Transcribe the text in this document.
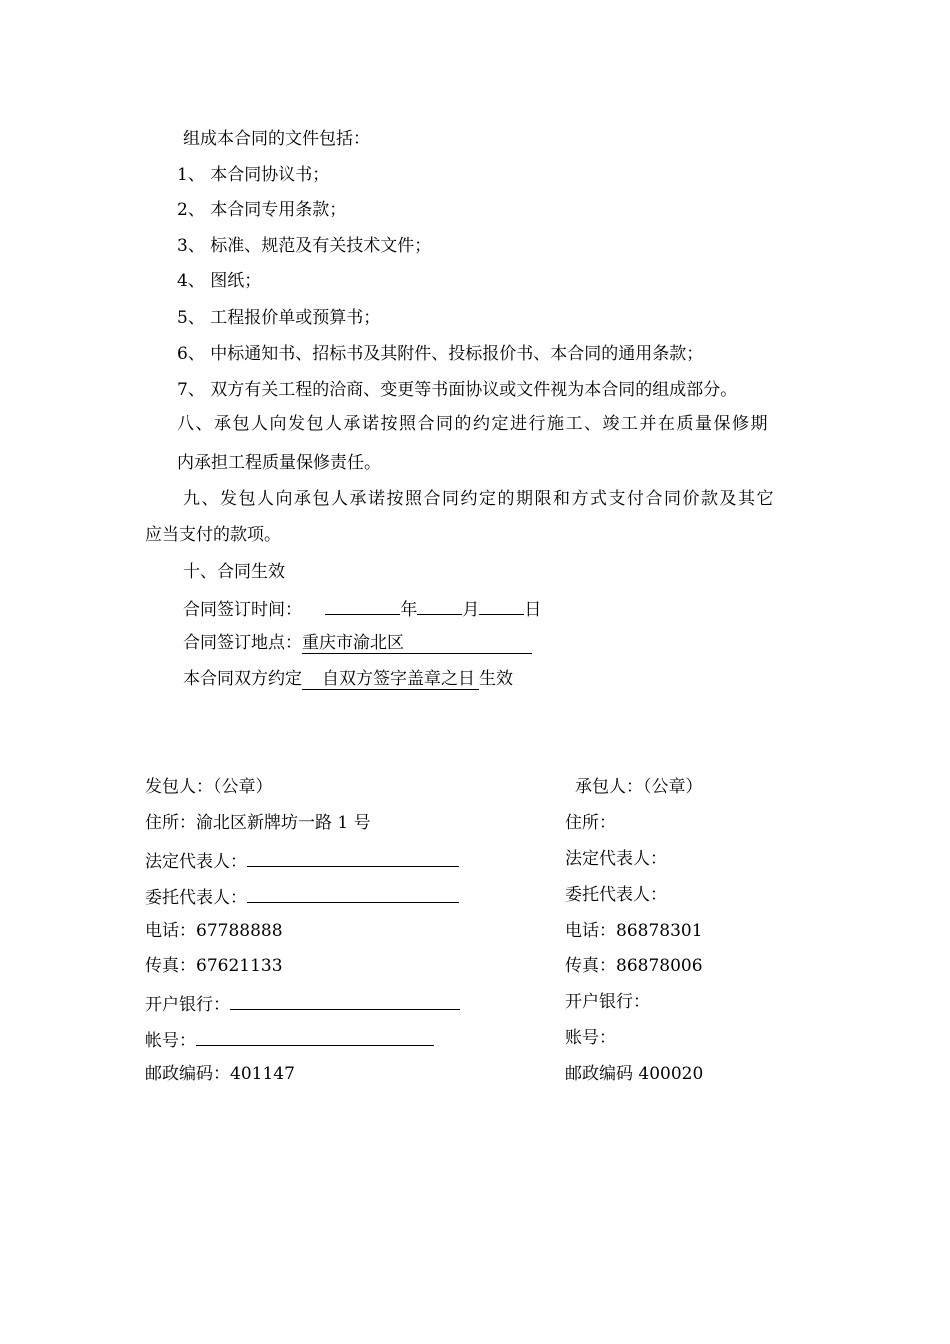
组成本合同的文件包括：
1、 本合同协议书；
2、 本合同专用条款；
3、 标准、规范及有关技术文件；
4、 图纸；
5、 工程报价单或预算书；
6、 中标通知书、招标书及其附件、投标报价书、本合同的通用条款；
7、 双方有关工程的洽商、变更等书面协议或文件视为本合同的组成部分。
八、承包人向发包人承诺按照合同的约定进行施工、竣工并在质量保修期
内承担工程质量保修责任。
九、发包人向承包人承诺按照合同约定的期限和方式支付合同价款及其它
应当支付的款项。
十、合同生效
合同签订时间：	年	月	日
合同签订地点：重庆市渝北区
本合同双方约定 自双方签字盖章之日 生效
发包人：（公章）
住所：渝北区新牌坊一路 1 号
法定代表人：
委托代表人：
电话：67788888
传真：67621133
开户银行：
帐号：
邮政编码：401147
承包人：（公章）
住所：
法定代表人：
委托代表人：
电话：86878301
传真：86878006
开户银行：
账号：
邮政编码 400020
